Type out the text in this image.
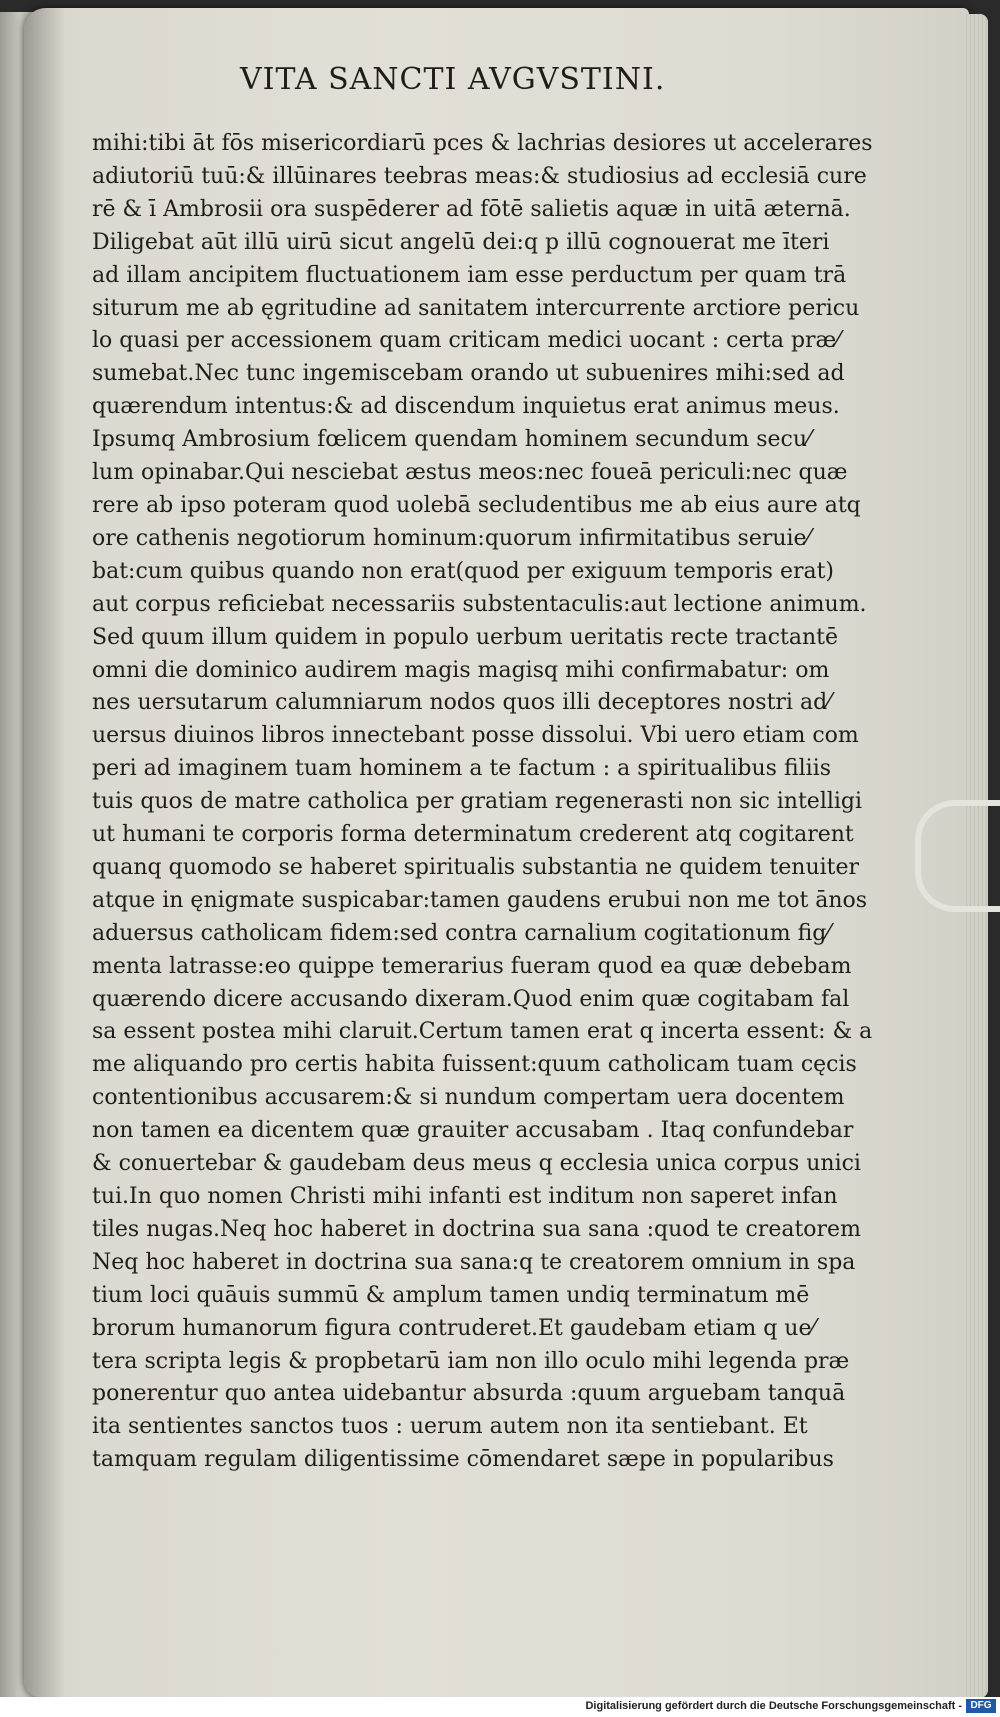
VITA SANCTI AVGVSTINI.
mihi:tibi āt fōs misericordiarū pces & lachrias desiores ut accelerares
adiutoriū tuū:& illūinares teebras meas:& studiosius ad ecclesiā cure
rē & ī Ambrosii ora suspēderer ad fōtē salietis aquæ in uitā æternā.
Diligebat aūt illū uirū sicut angelū dei:q p illū cognouerat me īteri
ad illam ancipitem fluctuationem iam esse perductum per quam trā
siturum me ab ęgritudine ad sanitatem intercurrente arctiore pericu
lo quasi per accessionem quam criticam medici uocant : certa præ⁄
sumebat.Nec tunc ingemiscebam orando ut subuenires mihi:sed ad
quærendum intentus:& ad discendum inquietus erat animus meus.
Ipsumq Ambrosium fœlicem quendam hominem secundum secu⁄
lum opinabar.Qui nesciebat æstus meos:nec foueā periculi:nec quæ
rere ab ipso poteram quod uolebā secludentibus me ab eius aure atq
ore cathenis negotiorum hominum:quorum infirmitatibus seruie⁄
bat:cum quibus quando non erat(quod per exiguum temporis erat)
aut corpus reficiebat necessariis substentaculis:aut lectione animum.
Sed quum illum quidem in populo uerbum ueritatis recte tractantē
omni die dominico audirem magis magisq mihi confirmabatur: om
nes uersutarum calumniarum nodos quos illi deceptores nostri ad⁄
uersus diuinos libros innectebant posse dissolui. Vbi uero etiam com
peri ad imaginem tuam hominem a te factum : a spiritualibus filiis
tuis quos de matre catholica per gratiam regenerasti non sic intelligi
ut humani te corporis forma determinatum crederent atq cogitarent
quanq quomodo se haberet spiritualis substantia ne quidem tenuiter
atque in ęnigmate suspicabar:tamen gaudens erubui non me tot ānos
aduersus catholicam fidem:sed contra carnalium cogitationum fig⁄
menta latrasse:eo quippe temerarius fueram quod ea quæ debebam
quærendo dicere accusando dixeram.Quod enim quæ cogitabam fal
sa essent postea mihi claruit.Certum tamen erat q incerta essent: & a
me aliquando pro certis habita fuissent:quum catholicam tuam cęcis
contentionibus accusarem:& si nundum compertam uera docentem
non tamen ea dicentem quæ grauiter accusabam . Itaq confundebar
& conuertebar & gaudebam deus meus q ecclesia unica corpus unici
tui.In quo nomen Christi mihi infanti est inditum non saperet infan
tiles nugas.Neq hoc haberet in doctrina sua sana :quod te creatorem
Neq hoc haberet in doctrina sua sana:q te creatorem omnium in spa
tium loci quāuis summū & amplum tamen undiq terminatum mē
brorum humanorum figura contruderet.Et gaudebam etiam q ue⁄
tera scripta legis & propbetarū iam non illo oculo mihi legenda præ
ponerentur quo antea uidebantur absurda :quum arguebam tanquā
ita sentientes sanctos tuos : uerum autem non ita sentiebant. Et
tamquam regulam diligentissime cōmendaret sæpe in popularibus
Digitalisierung gefördert durch die Deutsche Forschungsgemeinschaft - DFG
